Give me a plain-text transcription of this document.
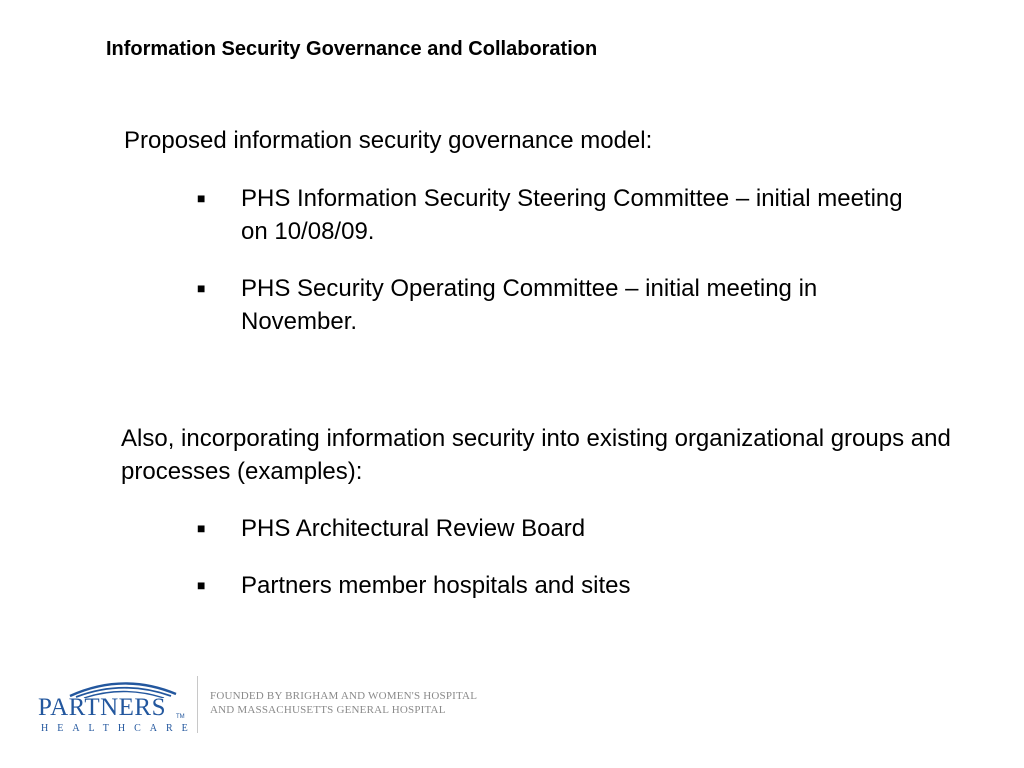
Information Security Governance and Collaboration

Proposed information security governance model:

■	PHS Information Security Steering Committee – initial meeting on 10/08/09.
■	PHS Security Operating Committee – initial meeting in November.

Also, incorporating information security into existing organizational groups and processes (examples):

■	PHS Architectural Review Board
■	Partners member hospitals and sites
PARTNERS TM
HEALTHCARE
FOUNDED BY BRIGHAM AND WOMEN'S HOSPITAL
AND MASSACHUSETTS GENERAL HOSPITAL
